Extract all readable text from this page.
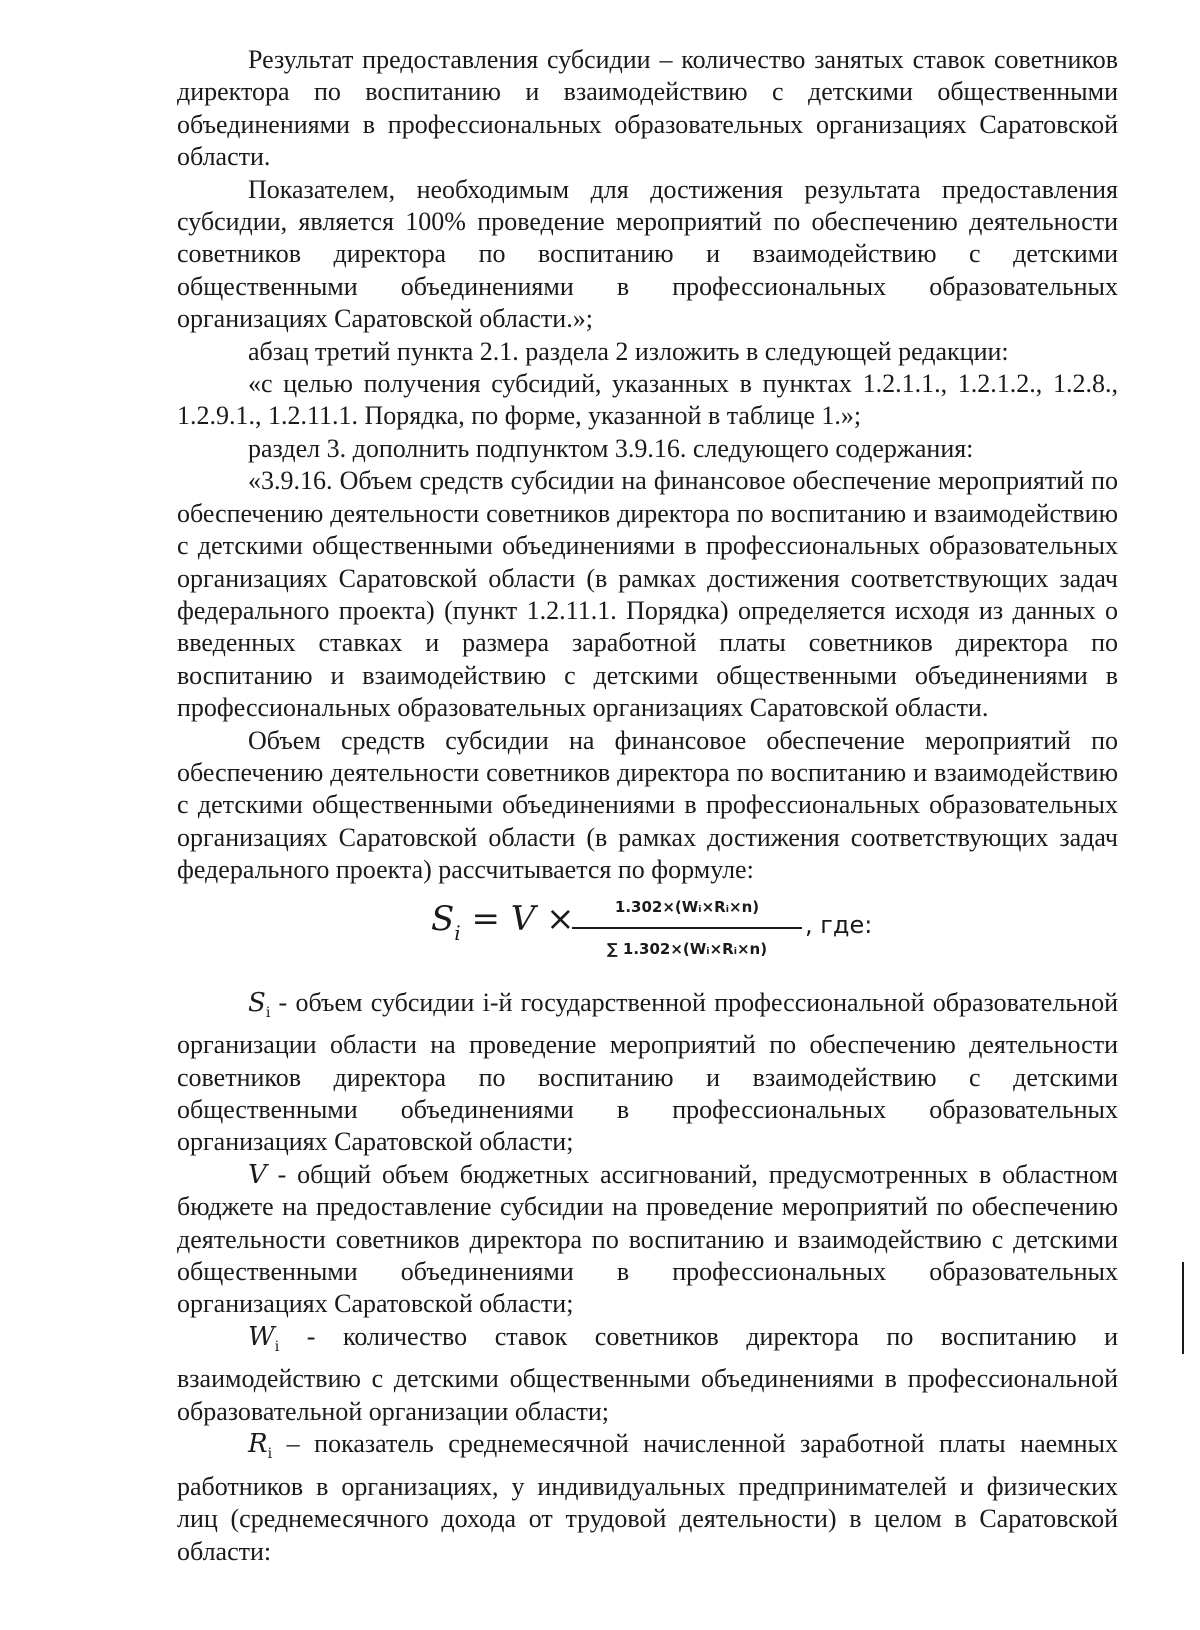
Результат предоставления субсидии – количество занятых ставок советников директора по воспитанию и взаимодействию с детскими общественными объединениями в профессиональных образовательных организациях Саратовской области.

Показателем, необходимым для достижения результата предоставления субсидии, является 100% проведение мероприятий по обеспечению деятельности советников директора по воспитанию и взаимодействию с детскими общественными объединениями в профессиональных образовательных организациях Саратовской области.»;

абзац третий пункта 2.1. раздела 2 изложить в следующей редакции:

«с целью получения субсидий, указанных в пунктах 1.2.1.1., 1.2.1.2., 1.2.8., 1.2.9.1., 1.2.11.1. Порядка, по форме, указанной в таблице 1.»;

раздел 3. дополнить подпунктом 3.9.16. следующего содержания:

«3.9.16. Объем средств субсидии на финансовое обеспечение мероприятий по обеспечению деятельности советников директора по воспитанию и взаимодействию с детскими общественными объединениями в профессиональных образовательных организациях Саратовской области (в рамках достижения соответствующих задач федерального проекта) (пункт 1.2.11.1. Порядка) определяется исходя из данных о введенных ставках и размера заработной платы советников директора по воспитанию и взаимодействию с детскими общественными объединениями в профессиональных образовательных организациях Саратовской области.

Объем средств субсидии на финансовое обеспечение мероприятий по обеспечению деятельности советников директора по воспитанию и взаимодействию с детскими общественными объединениями в профессиональных образовательных организациях Саратовской области (в рамках достижения соответствующих задач федерального проекта) рассчитывается по формуле:

$S_i = V$ ×
$\frac{\text{1.302×(Wᵢ×Rᵢ×n)}}{\text{∑ 1.302×(Wᵢ×Rᵢ×n)}}$ , где:

$S_i$ - объем субсидии i-й государственной профессиональной образовательной организации области на проведение мероприятий по обеспечению деятельности советников директора по воспитанию и взаимодействию с детскими общественными объединениями в профессиональных образовательных организациях Саратовской области;

V - общий объем бюджетных ассигнований, предусмотренных в областном бюджете на предоставление субсидии на проведение мероприятий по обеспечению деятельности советников директора по воспитанию и взаимодействию с детскими общественными объединениями в профессиональных образовательных организациях Саратовской области;

$W_i$ - количество ставок советников директора по воспитанию и взаимодействию с детскими общественными объединениями в профессиональной образовательной организации области;

$R_i$ – показатель среднемесячной начисленной заработной платы наемных работников в организациях, у индивидуальных предпринимателей и физических лиц (среднемесячного дохода от трудовой деятельности) в целом в Саратовской области:
